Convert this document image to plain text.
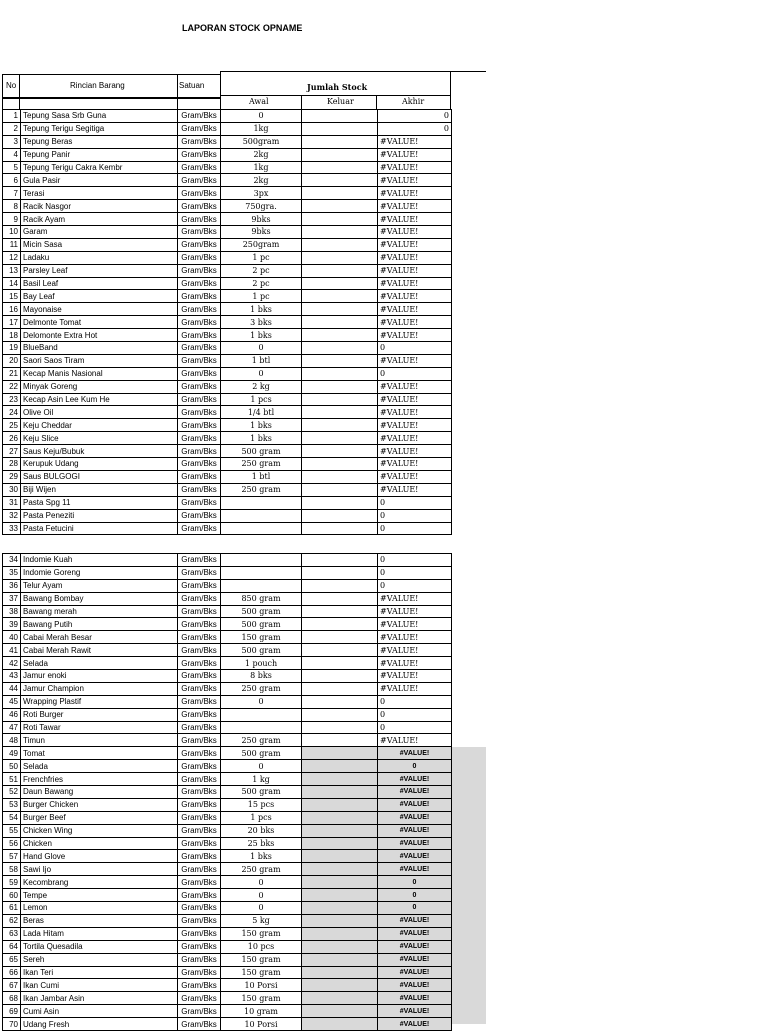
LAPORAN STOCK OPNAME
No	Rincian Barang	Satuan	Jumlah Stock
Awal	Keluar	Akhir
1	Tepung Sasa Srb Guna	Gram/Bks	0		0
2	Tepung Terigu Segitiga	Gram/Bks	1kg		0
3	Tepung Beras	Gram/Bks	500gram		#VALUE!
4	Tepung Panir	Gram/Bks	2kg		#VALUE!
5	Tepung Terigu Cakra Kembr	Gram/Bks	1kg		#VALUE!
6	Gula Pasir	Gram/Bks	2kg		#VALUE!
7	Terasi	Gram/Bks	3px		#VALUE!
8	Racik Nasgor	Gram/Bks	750gra.		#VALUE!
9	Racik Ayam	Gram/Bks	9bks		#VALUE!
10	Garam	Gram/Bks	9bks		#VALUE!
11	Micin Sasa	Gram/Bks	250gram		#VALUE!
12	Ladaku	Gram/Bks	1 pc		#VALUE!
13	Parsley Leaf	Gram/Bks	2 pc		#VALUE!
14	Basil Leaf	Gram/Bks	2 pc		#VALUE!
15	Bay Leaf	Gram/Bks	1 pc		#VALUE!
16	Mayonaise	Gram/Bks	1 bks		#VALUE!
17	Delmonte Tomat	Gram/Bks	3 bks		#VALUE!
18	Delomonte Extra Hot	Gram/Bks	1 bks		#VALUE!
19	BlueBand	Gram/Bks	0		0
20	Saori Saos Tiram	Gram/Bks	1 btl		#VALUE!
21	Kecap Manis Nasional	Gram/Bks	0		0
22	Minyak Goreng	Gram/Bks	2 kg		#VALUE!
23	Kecap Asin Lee Kum He	Gram/Bks	1 pcs		#VALUE!
24	Olive Oil	Gram/Bks	1/4 btl		#VALUE!
25	Keju Cheddar	Gram/Bks	1 bks		#VALUE!
26	Keju Slice	Gram/Bks	1 bks		#VALUE!
27	Saus Keju/Bubuk	Gram/Bks	500 gram		#VALUE!
28	Kerupuk Udang	Gram/Bks	250 gram		#VALUE!
29	Saus BULGOGI	Gram/Bks	1 btl		#VALUE!
30	Biji Wijen	Gram/Bks	250 gram		#VALUE!
31	Pasta Spg 11	Gram/Bks			0
32	Pasta Peneziti	Gram/Bks			0
33	Pasta Fetucini	Gram/Bks			0
34	Indomie Kuah	Gram/Bks			0
35	Indomie Goreng	Gram/Bks			0
36	Telur Ayam	Gram/Bks			0
37	Bawang Bombay	Gram/Bks	850 gram		#VALUE!
38	Bawang merah	Gram/Bks	500 gram		#VALUE!
39	Bawang Putih	Gram/Bks	500 gram		#VALUE!
40	Cabai Merah Besar	Gram/Bks	150 gram		#VALUE!
41	Cabai Merah Rawit	Gram/Bks	500 gram		#VALUE!
42	Selada	Gram/Bks	1 pouch		#VALUE!
43	Jamur enoki	Gram/Bks	8 bks		#VALUE!
44	Jamur Champion	Gram/Bks	250 gram		#VALUE!
45	Wrapping Plastif	Gram/Bks	0		0
46	Roti Burger	Gram/Bks			0
47	Roti Tawar	Gram/Bks			0
48	Timun	Gram/Bks	250 gram		#VALUE!
49	Tomat	Gram/Bks	500 gram		#VALUE!
50	Selada	Gram/Bks	0		0
51	Frenchfries	Gram/Bks	1 kg		#VALUE!
52	Daun Bawang	Gram/Bks	500 gram		#VALUE!
53	Burger Chicken	Gram/Bks	15 pcs		#VALUE!
54	Burger Beef	Gram/Bks	1 pcs		#VALUE!
55	Chicken Wing	Gram/Bks	20 bks		#VALUE!
56	Chicken	Gram/Bks	25 bks		#VALUE!
57	Hand Glove	Gram/Bks	1 bks		#VALUE!
58	Sawi Ijo	Gram/Bks	250 gram		#VALUE!
59	Kecombrang	Gram/Bks	0		0
60	Tempe	Gram/Bks	0		0
61	Lemon	Gram/Bks	0		0
62	Beras	Gram/Bks	5 kg		#VALUE!
63	Lada Hitam	Gram/Bks	150 gram		#VALUE!
64	Tortila Quesadila	Gram/Bks	10 pcs		#VALUE!
65	Sereh	Gram/Bks	150 gram		#VALUE!
66	Ikan Teri	Gram/Bks	150 gram		#VALUE!
67	Ikan Cumi	Gram/Bks	10 Porsi		#VALUE!
68	Ikan Jambar Asin	Gram/Bks	150 gram		#VALUE!
69	Cumi Asin	Gram/Bks	10 gram		#VALUE!
70	Udang Fresh	Gram/Bks	10 Porsi		#VALUE!
